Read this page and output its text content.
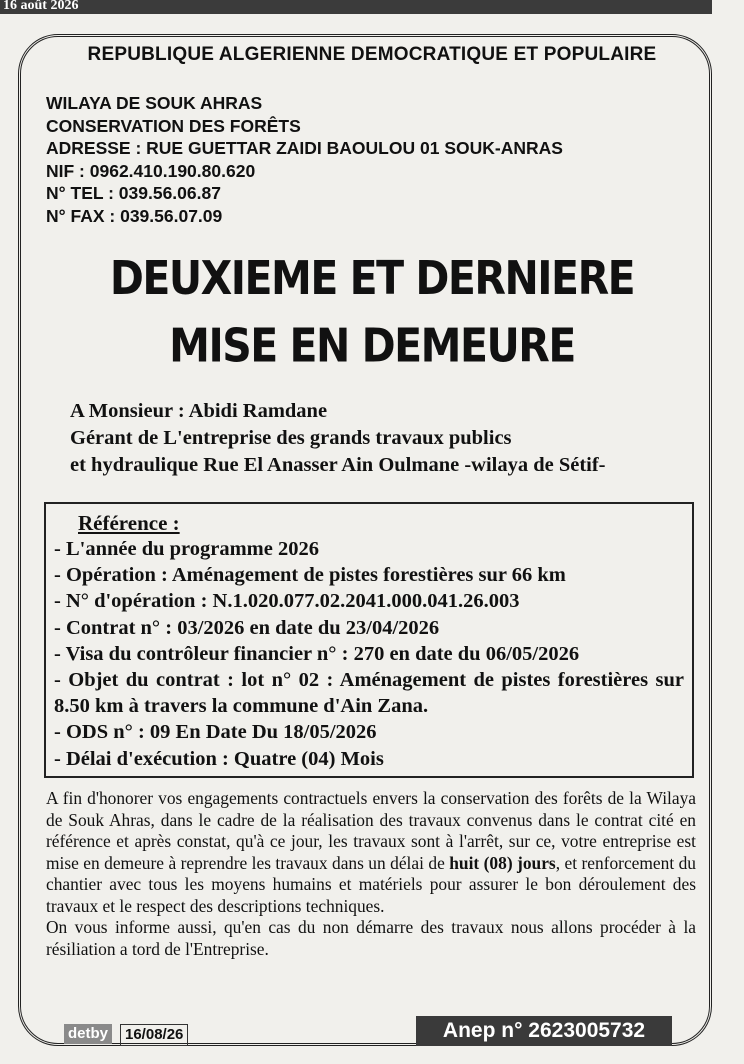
16 août 2026
REPUBLIQUE ALGERIENNE DEMOCRATIQUE ET POPULAIRE
WILAYA DE SOUK AHRAS
CONSERVATION DES FORÊTS
ADRESSE : RUE GUETTAR ZAIDI BAOULOU 01 SOUK-ANRAS
NIF : 0962.410.190.80.620
N° TEL : 039.56.06.87
N° FAX : 039.56.07.09
DEUXIEME ET DERNIERE
MISE EN DEMEURE
A Monsieur : Abidi Ramdane
Gérant de L'entreprise des grands travaux publics
et hydraulique Rue El Anasser Ain Oulmane -wilaya de Sétif-
Référence :
- L'année du programme 2026
- Opération : Aménagement de pistes forestières sur 66 km
- N° d'opération : N.1.020.077.02.2041.000.041.26.003
- Contrat n° : 03/2026 en date du 23/04/2026
- Visa du contrôleur financier n° : 270 en date du 06/05/2026
- Objet du contrat : lot n° 02 : Aménagement de pistes forestières sur 8.50 km à travers la commune d'Ain Zana.
- ODS n° : 09 En Date Du 18/05/2026
- Délai d'exécution : Quatre (04) Mois

A fin d'honorer vos engagements contractuels envers la conservation des forêts de la Wilaya de Souk Ahras, dans le cadre de la réalisation des travaux convenus dans le contrat cité en référence et après constat, qu'à ce jour, les travaux sont à l'arrêt, sur ce, votre entreprise est mise en demeure à reprendre les travaux dans un délai de huit (08) jours, et renforcement du chantier avec tous les moyens humains et matériels pour assurer le bon déroulement des travaux et le respect des descriptions techniques.

On vous informe aussi, qu'en cas du non démarre des travaux nous allons procéder à la résiliation a tord de l'Entreprise.

detby	16/08/26	Anep n° 2623005732
